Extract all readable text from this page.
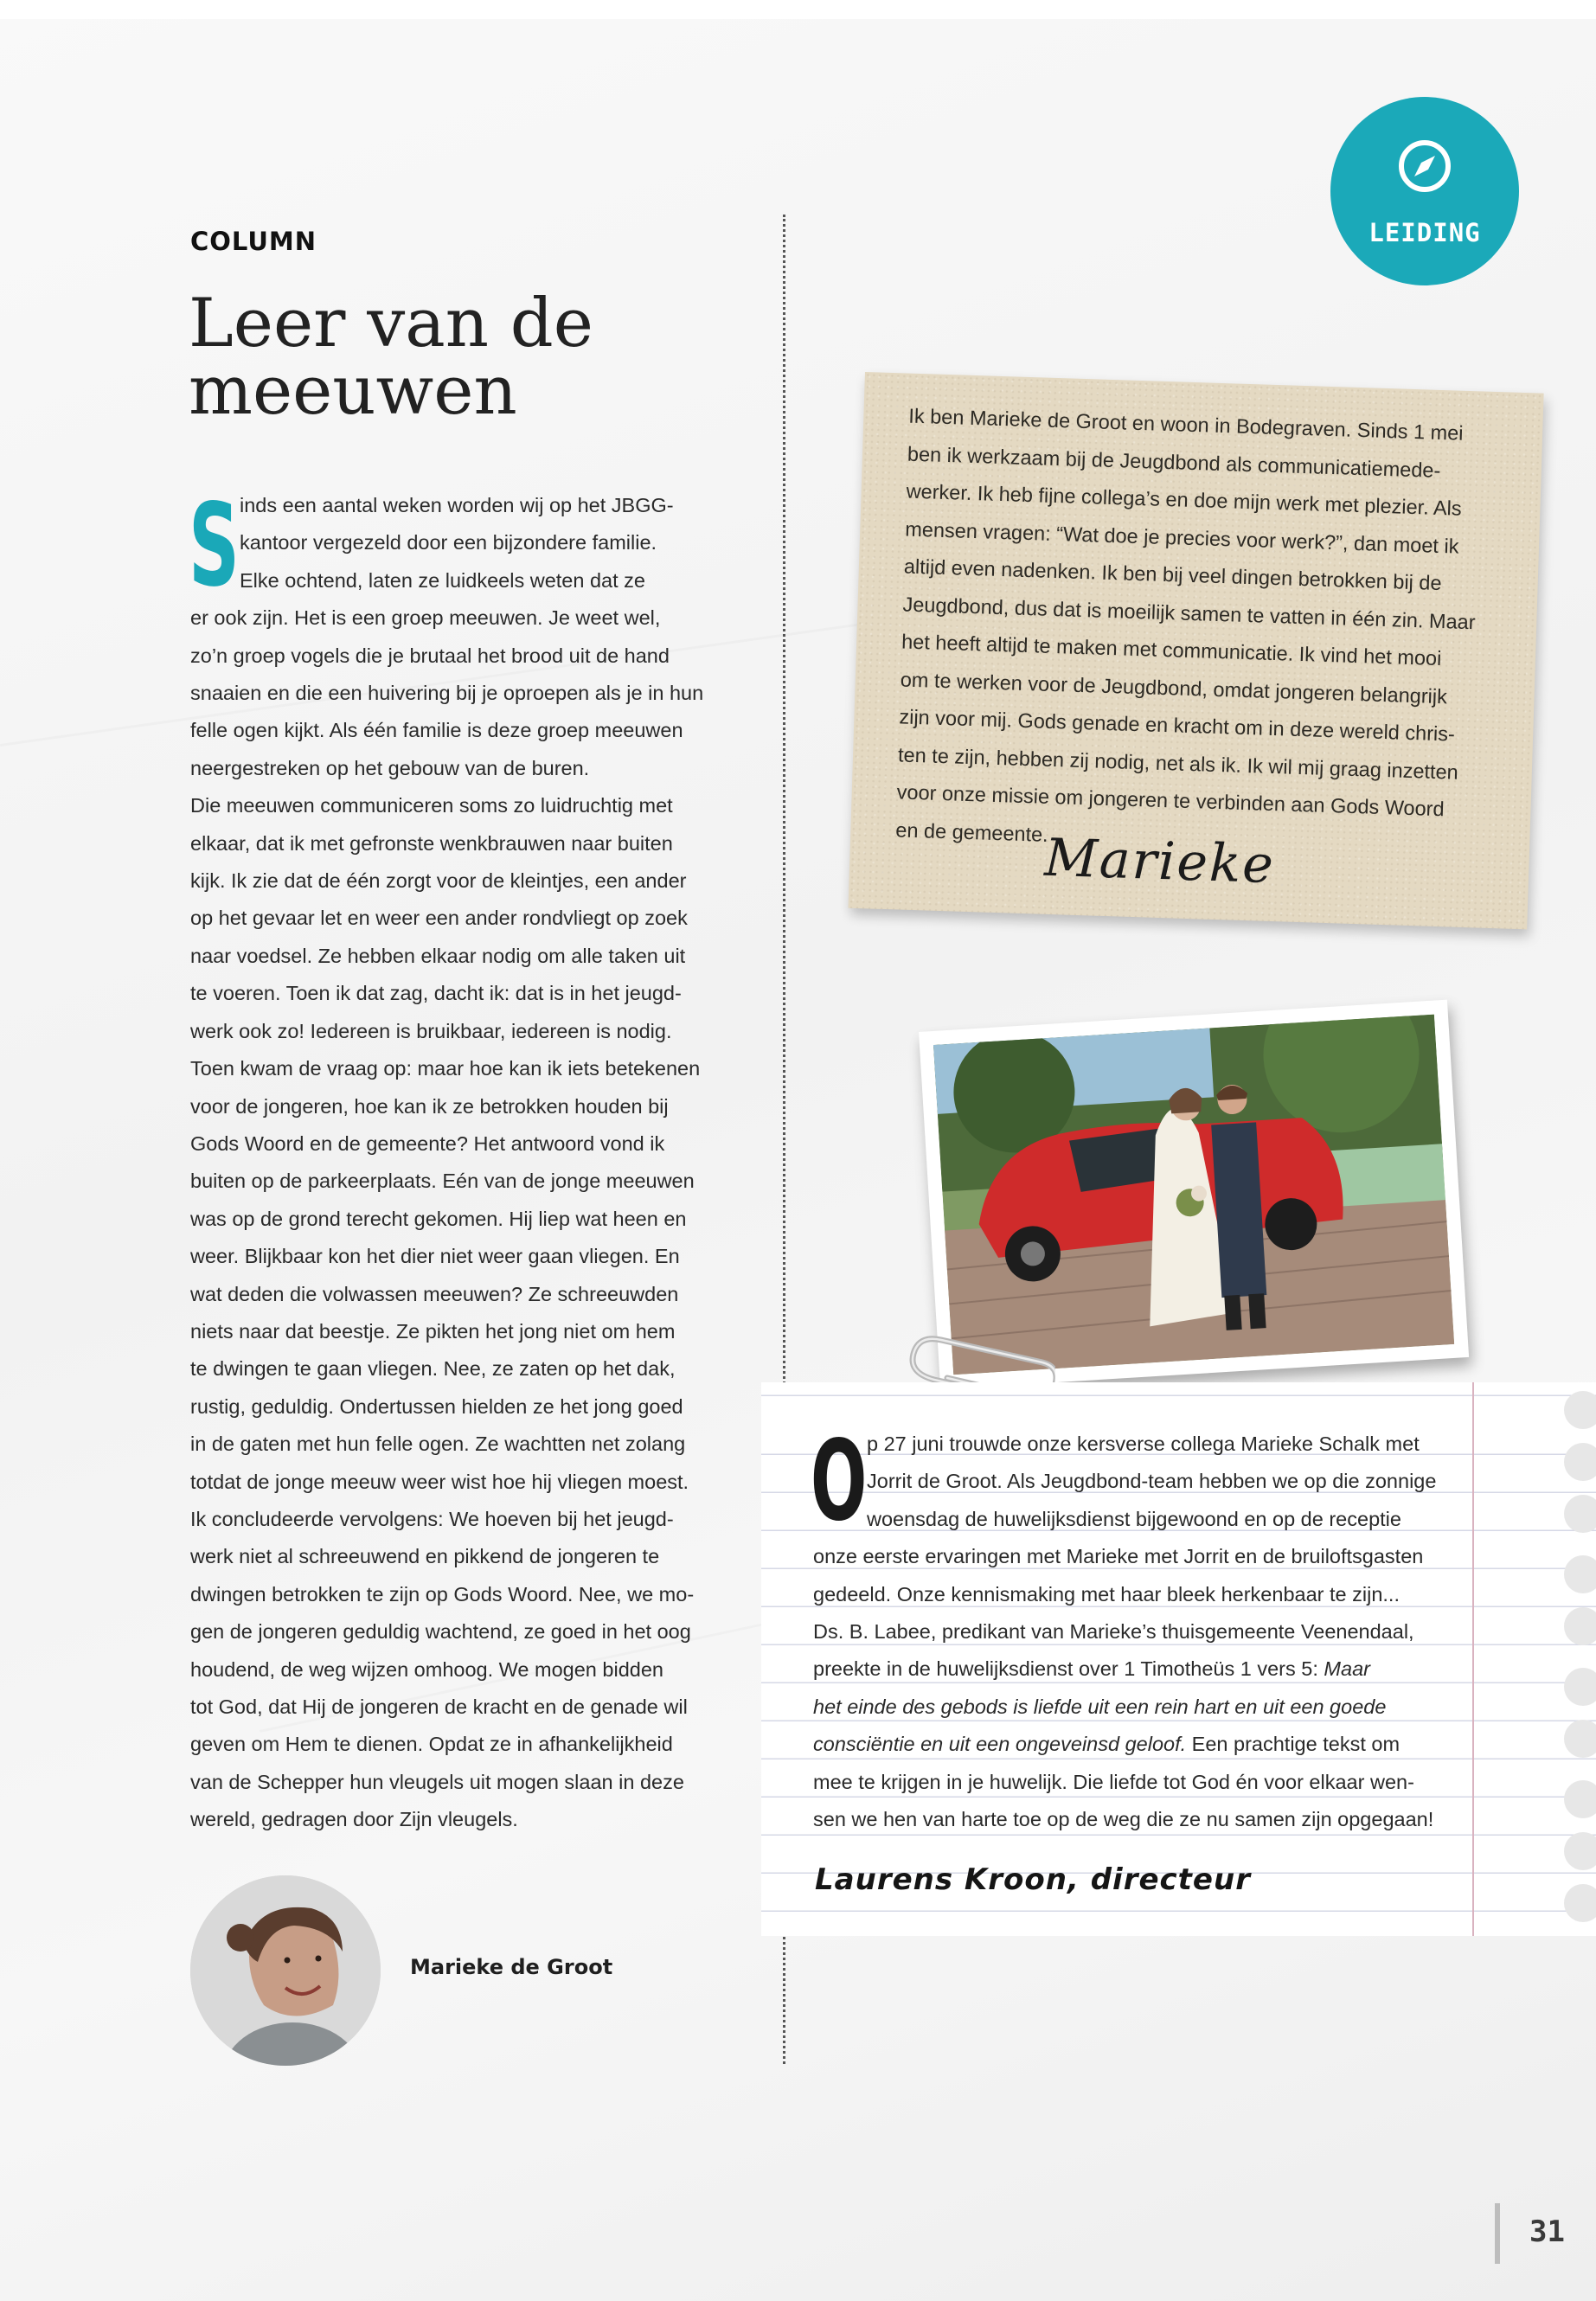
COLUMN
Leer van de
meeuwen
S inds een aantal weken worden wij op het JBGG-
kantoor vergezeld door een bijzondere familie.
Elke ochtend, laten ze luidkeels weten dat ze
er ook zijn. Het is een groep meeuwen. Je weet wel,
zo’n groep vogels die je brutaal het brood uit de hand
snaaien en die een huivering bij je oproepen als je in hun
felle ogen kijkt. Als één familie is deze groep meeuwen
neergestreken op het gebouw van de buren.
Die meeuwen communiceren soms zo luidruchtig met
elkaar, dat ik met gefronste wenkbrauwen naar buiten
kijk. Ik zie dat de één zorgt voor de kleintjes, een ander
op het gevaar let en weer een ander rondvliegt op zoek
naar voedsel. Ze hebben elkaar nodig om alle taken uit
te voeren. Toen ik dat zag, dacht ik: dat is in het jeugd-
werk ook zo! Iedereen is bruikbaar, iedereen is nodig.
Toen kwam de vraag op: maar hoe kan ik iets betekenen
voor de jongeren, hoe kan ik ze betrokken houden bij
Gods Woord en de gemeente? Het antwoord vond ik
buiten op de parkeerplaats. Eén van de jonge meeuwen
was op de grond terecht gekomen. Hij liep wat heen en
weer. Blijkbaar kon het dier niet weer gaan vliegen. En
wat deden die volwassen meeuwen? Ze schreeuwden
niets naar dat beestje. Ze pikten het jong niet om hem
te dwingen te gaan vliegen. Nee, ze zaten op het dak,
rustig, geduldig. Ondertussen hielden ze het jong goed
in de gaten met hun felle ogen. Ze wachtten net zolang
totdat de jonge meeuw weer wist hoe hij vliegen moest.
Ik concludeerde vervolgens: We hoeven bij het jeugd-
werk niet al schreeuwend en pikkend de jongeren te
dwingen betrokken te zijn op Gods Woord. Nee, we mo-
gen de jongeren geduldig wachtend, ze goed in het oog
houdend, de weg wijzen omhoog. We mogen bidden
tot God, dat Hij de jongeren de kracht en de genade wil
geven om Hem te dienen. Opdat ze in afhankelijkheid
van de Schepper hun vleugels uit mogen slaan in deze
wereld, gedragen door Zijn vleugels.
Marieke de Groot
LEIDING
Ik ben Marieke de Groot en woon in Bodegraven. Sinds 1 mei
ben ik werkzaam bij de Jeugdbond als communicatiemede-
werker. Ik heb fijne collega’s en doe mijn werk met plezier. Als
mensen vragen: “Wat doe je precies voor werk?”, dan moet ik
altijd even nadenken. Ik ben bij veel dingen betrokken bij de
Jeugdbond, dus dat is moeilijk samen te vatten in één zin. Maar
het heeft altijd te maken met communicatie. Ik vind het mooi
om te werken voor de Jeugdbond, omdat jongeren belangrijk
zijn voor mij. Gods genade en kracht om in deze wereld chris-
ten te zijn, hebben zij nodig, net als ik. Ik wil mij graag inzetten
voor onze missie om jongeren te verbinden aan Gods Woord
en de gemeente.
Marieke
O p 27 juni trouwde onze kersverse collega Marieke Schalk met
Jorrit de Groot. Als Jeugdbond-team hebben we op die zonnige
woensdag de huwelijksdienst bijgewoond en op de receptie
onze eerste ervaringen met Marieke met Jorrit en de bruiloftsgasten
gedeeld. Onze kennismaking met haar bleek herkenbaar te zijn...
Ds. B. Labee, predikant van Marieke’s thuisgemeente Veenendaal,
preekte in de huwelijksdienst over 1 Timotheüs 1 vers 5: Maar
het einde des gebods is liefde uit een rein hart en uit een goede
consciëntie en uit een ongeveinsd geloof. Een prachtige tekst om
mee te krijgen in je huwelijk. Die liefde tot God én voor elkaar wen-
sen we hen van harte toe op de weg die ze nu samen zijn opgegaan!
Laurens Kroon, directeur
31
